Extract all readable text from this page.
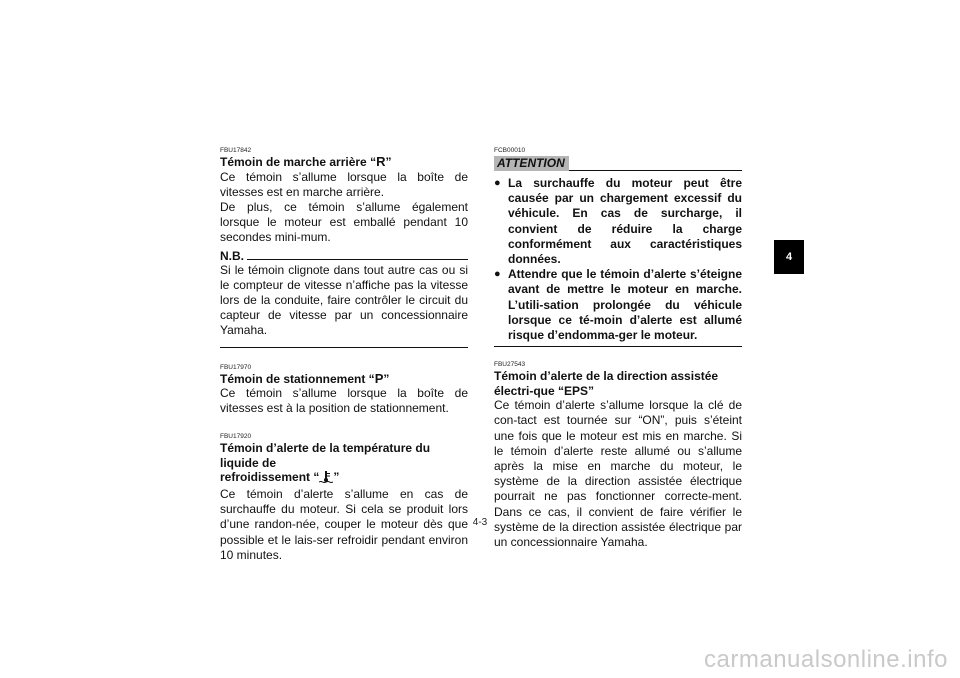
FBU17842

Témoin de marche arrière “R”

Ce témoin s’allume lorsque la boîte de vitesses est en marche arrière.

De plus, ce témoin s’allume également lorsque le moteur est emballé pendant 10 secondes mini-mum.

N.B.

Si le témoin clignote dans tout autre cas ou si le compteur de vitesse n’affiche pas la vitesse lors de la conduite, faire contrôler le circuit du capteur de vitesse par un concessionnaire Yamaha.

FBU17970

Témoin de stationnement “P”

Ce témoin s’allume lorsque la boîte de vitesses est à la position de stationnement.

FBU17920

Témoin d’alerte de la température du liquide de
refroidissement “ ”

Ce témoin d’alerte s’allume en cas de surchauffe du moteur. Si cela se produit lors d’une randon-née, couper le moteur dès que possible et le lais-ser refroidir pendant environ 10 minutes.

FCB00010

ATTENTION
● La surchauffe du moteur peut être causée par un chargement excessif du véhicule. En cas de surcharge, il convient de réduire la charge conformément aux caractéristiques données.
● Attendre que le témoin d’alerte s’éteigne avant de mettre le moteur en marche. L’utili-sation prolongée du véhicule lorsque ce té-moin d’alerte est allumé risque d’endomma-ger le moteur.

FBU27543

Témoin d’alerte de la direction assistée électri-que “EPS”

Ce témoin d’alerte s’allume lorsque la clé de con-tact est tournée sur “ON”, puis s’éteint une fois que le moteur est mis en marche. Si le témoin d’alerte reste allumé ou s’allume après la mise en marche du moteur, le système de la direction assistée électrique pourrait ne pas fonctionner correcte-ment. Dans ce cas, il convient de faire vérifier le système de la direction assistée électrique par un concessionnaire Yamaha.

4
4-3
carmanualsonline.info
